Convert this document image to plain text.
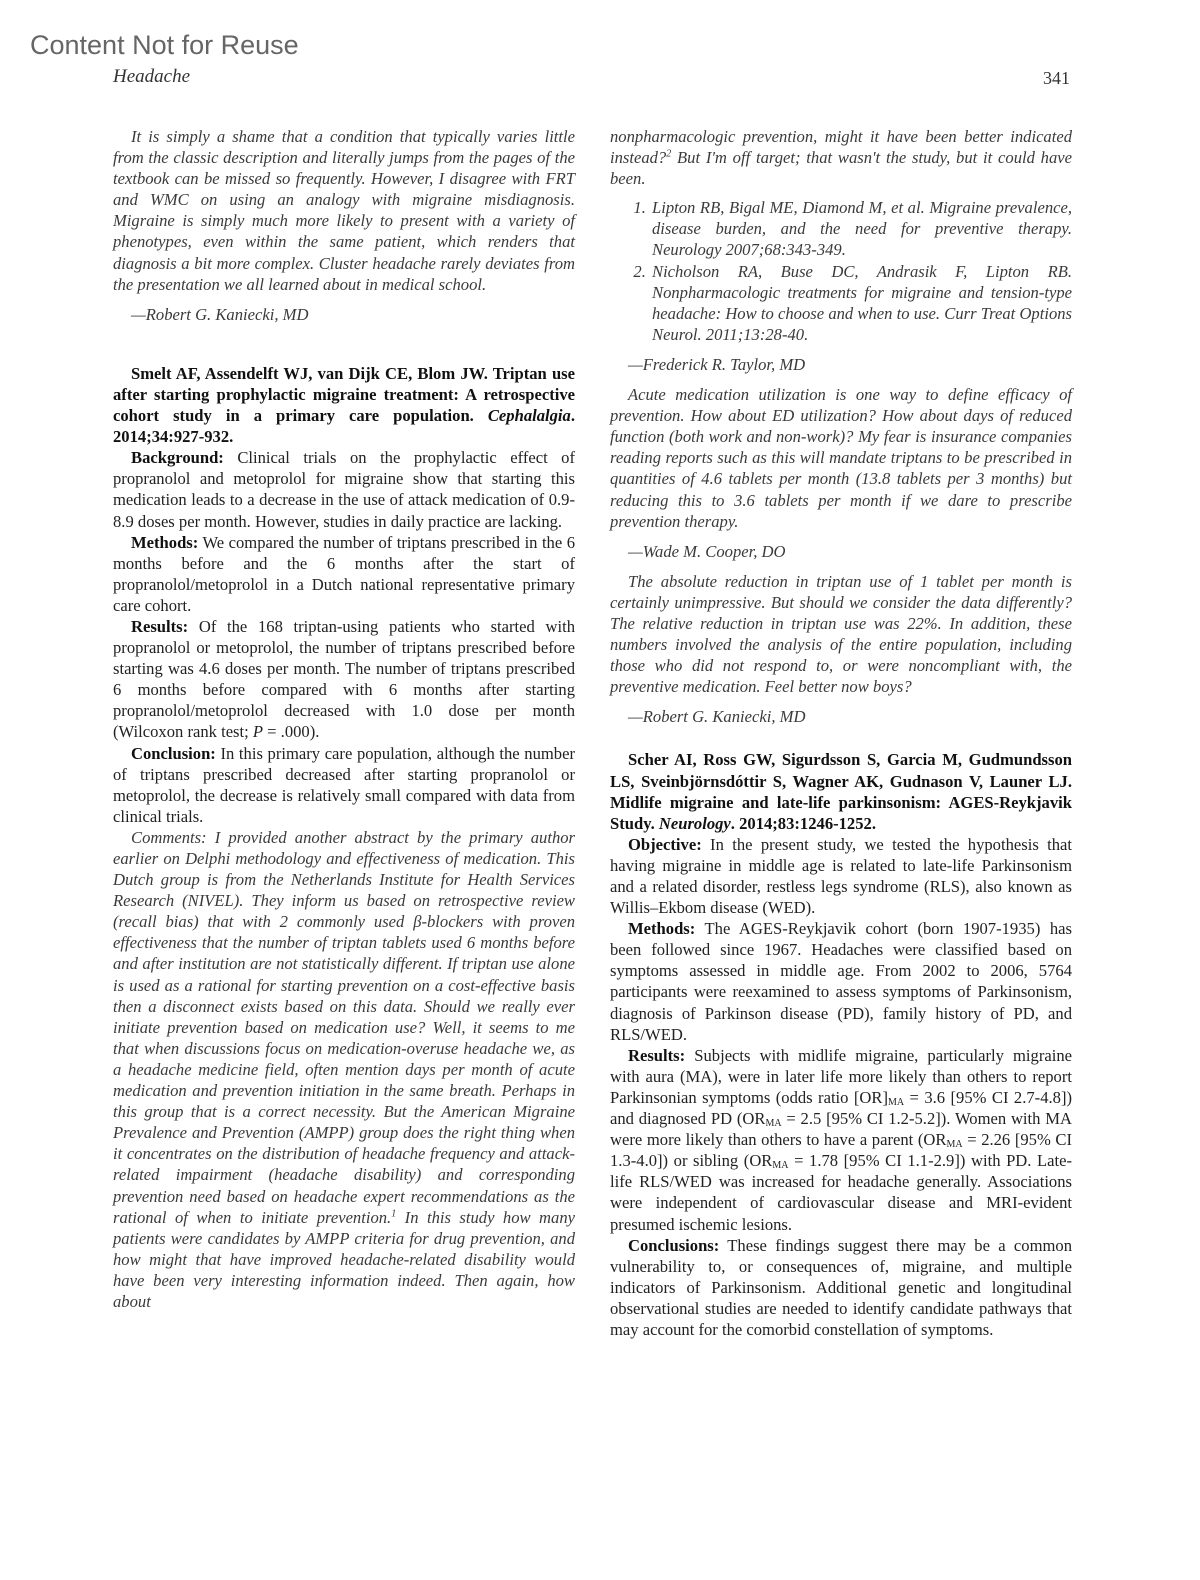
Content Not for Reuse
Headache	341

It is simply a shame that a condition that typically varies little from the classic description and literally jumps from the pages of the textbook can be missed so frequently. However, I disagree with FRT and WMC on using an analogy with migraine misdiagnosis. Migraine is simply much more likely to present with a variety of phenotypes, even within the same patient, which renders that diagnosis a bit more complex. Cluster headache rarely deviates from the presentation we all learned about in medical school.

—Robert G. Kaniecki, MD

Smelt AF, Assendelft WJ, van Dijk CE, Blom JW. Triptan use after starting prophylactic migraine treatment: A retrospective cohort study in a primary care population. Cephalalgia. 2014;34:927-932.

Background: Clinical trials on the prophylactic effect of propranolol and metoprolol for migraine show that starting this medication leads to a decrease in the use of attack medication of 0.9-8.9 doses per month. However, studies in daily practice are lacking.

Methods: We compared the number of triptans prescribed in the 6 months before and the 6 months after the start of propranolol/metoprolol in a Dutch national representative primary care cohort.

Results: Of the 168 triptan-using patients who started with propranolol or metoprolol, the number of triptans prescribed before starting was 4.6 doses per month. The number of triptans prescribed 6 months before compared with 6 months after starting propranolol/metoprolol decreased with 1.0 dose per month (Wilcoxon rank test; P = .000).

Conclusion: In this primary care population, although the number of triptans prescribed decreased after starting propranolol or metoprolol, the decrease is relatively small compared with data from clinical trials.

Comments: I provided another abstract by the primary author earlier on Delphi methodology and effectiveness of medication. This Dutch group is from the Netherlands Institute for Health Services Research (NIVEL). They inform us based on retrospective review (recall bias) that with 2 commonly used β-blockers with proven effectiveness that the number of triptan tablets used 6 months before and after institution are not statistically different. If triptan use alone is used as a rational for starting prevention on a cost-effective basis then a disconnect exists based on this data. Should we really ever initiate prevention based on medication use? Well, it seems to me that when discussions focus on medication-overuse headache we, as a headache medicine field, often mention days per month of acute medication and prevention initiation in the same breath. Perhaps in this group that is a correct necessity. But the American Migraine Prevalence and Prevention (AMPP) group does the right thing when it concentrates on the distribution of headache frequency and attack-related impairment (headache disability) and corresponding prevention need based on headache expert recommendations as the rational of when to initiate prevention.$^1$ In this study how many patients were candidates by AMPP criteria for drug prevention, and how might that have improved headache-related disability would have been very interesting information indeed. Then again, how about

nonpharmacologic prevention, might it have been better indicated instead?$^2$ But I'm off target; that wasn't the study, but it could have been.

1. Lipton RB, Bigal ME, Diamond M, et al. Migraine prevalence, disease burden, and the need for preventive therapy. Neurology 2007;68:343-349.
2. Nicholson RA, Buse DC, Andrasik F, Lipton RB. Nonpharmacologic treatments for migraine and tension-type headache: How to choose and when to use. Curr Treat Options Neurol. 2011;13:28-40.

—Frederick R. Taylor, MD

Acute medication utilization is one way to define efficacy of prevention. How about ED utilization? How about days of reduced function (both work and non-work)? My fear is insurance companies reading reports such as this will mandate triptans to be prescribed in quantities of 4.6 tablets per month (13.8 tablets per 3 months) but reducing this to 3.6 tablets per month if we dare to prescribe prevention therapy.

—Wade M. Cooper, DO

The absolute reduction in triptan use of 1 tablet per month is certainly unimpressive. But should we consider the data differently? The relative reduction in triptan use was 22%. In addition, these numbers involved the analysis of the entire population, including those who did not respond to, or were noncompliant with, the preventive medication. Feel better now boys?

—Robert G. Kaniecki, MD

Scher AI, Ross GW, Sigurdsson S, Garcia M, Gudmundsson LS, Sveinbjörnsdóttir S, Wagner AK, Gudnason V, Launer LJ. Midlife migraine and late-life parkinsonism: AGES-Reykjavik Study. Neurology. 2014;83:1246-1252.

Objective: In the present study, we tested the hypothesis that having migraine in middle age is related to late-life Parkinsonism and a related disorder, restless legs syndrome (RLS), also known as Willis–Ekbom disease (WED).

Methods: The AGES-Reykjavik cohort (born 1907-1935) has been followed since 1967. Headaches were classified based on symptoms assessed in middle age. From 2002 to 2006, 5764 participants were reexamined to assess symptoms of Parkinsonism, diagnosis of Parkinson disease (PD), family history of PD, and RLS/WED.

Results: Subjects with midlife migraine, particularly migraine with aura (MA), were in later life more likely than others to report Parkinsonian symptoms (odds ratio $[OR]_{MA} = 3.6$ [95% CI 2.7-4.8]) and diagnosed PD ($OR_{MA} = 2.5$ [95% CI 1.2-5.2]). Women with MA were more likely than others to have a parent ($OR_{MA} = 2.26$ [95% CI 1.3-4.0]) or sibling ($OR_{MA} = 1.78$ [95% CI 1.1-2.9]) with PD. Late-life RLS/WED was increased for headache generally. Associations were independent of cardiovascular disease and MRI-evident presumed ischemic lesions.

Conclusions: These findings suggest there may be a common vulnerability to, or consequences of, migraine, and multiple indicators of Parkinsonism. Additional genetic and longitudinal observational studies are needed to identify candidate pathways that may account for the comorbid constellation of symptoms.
